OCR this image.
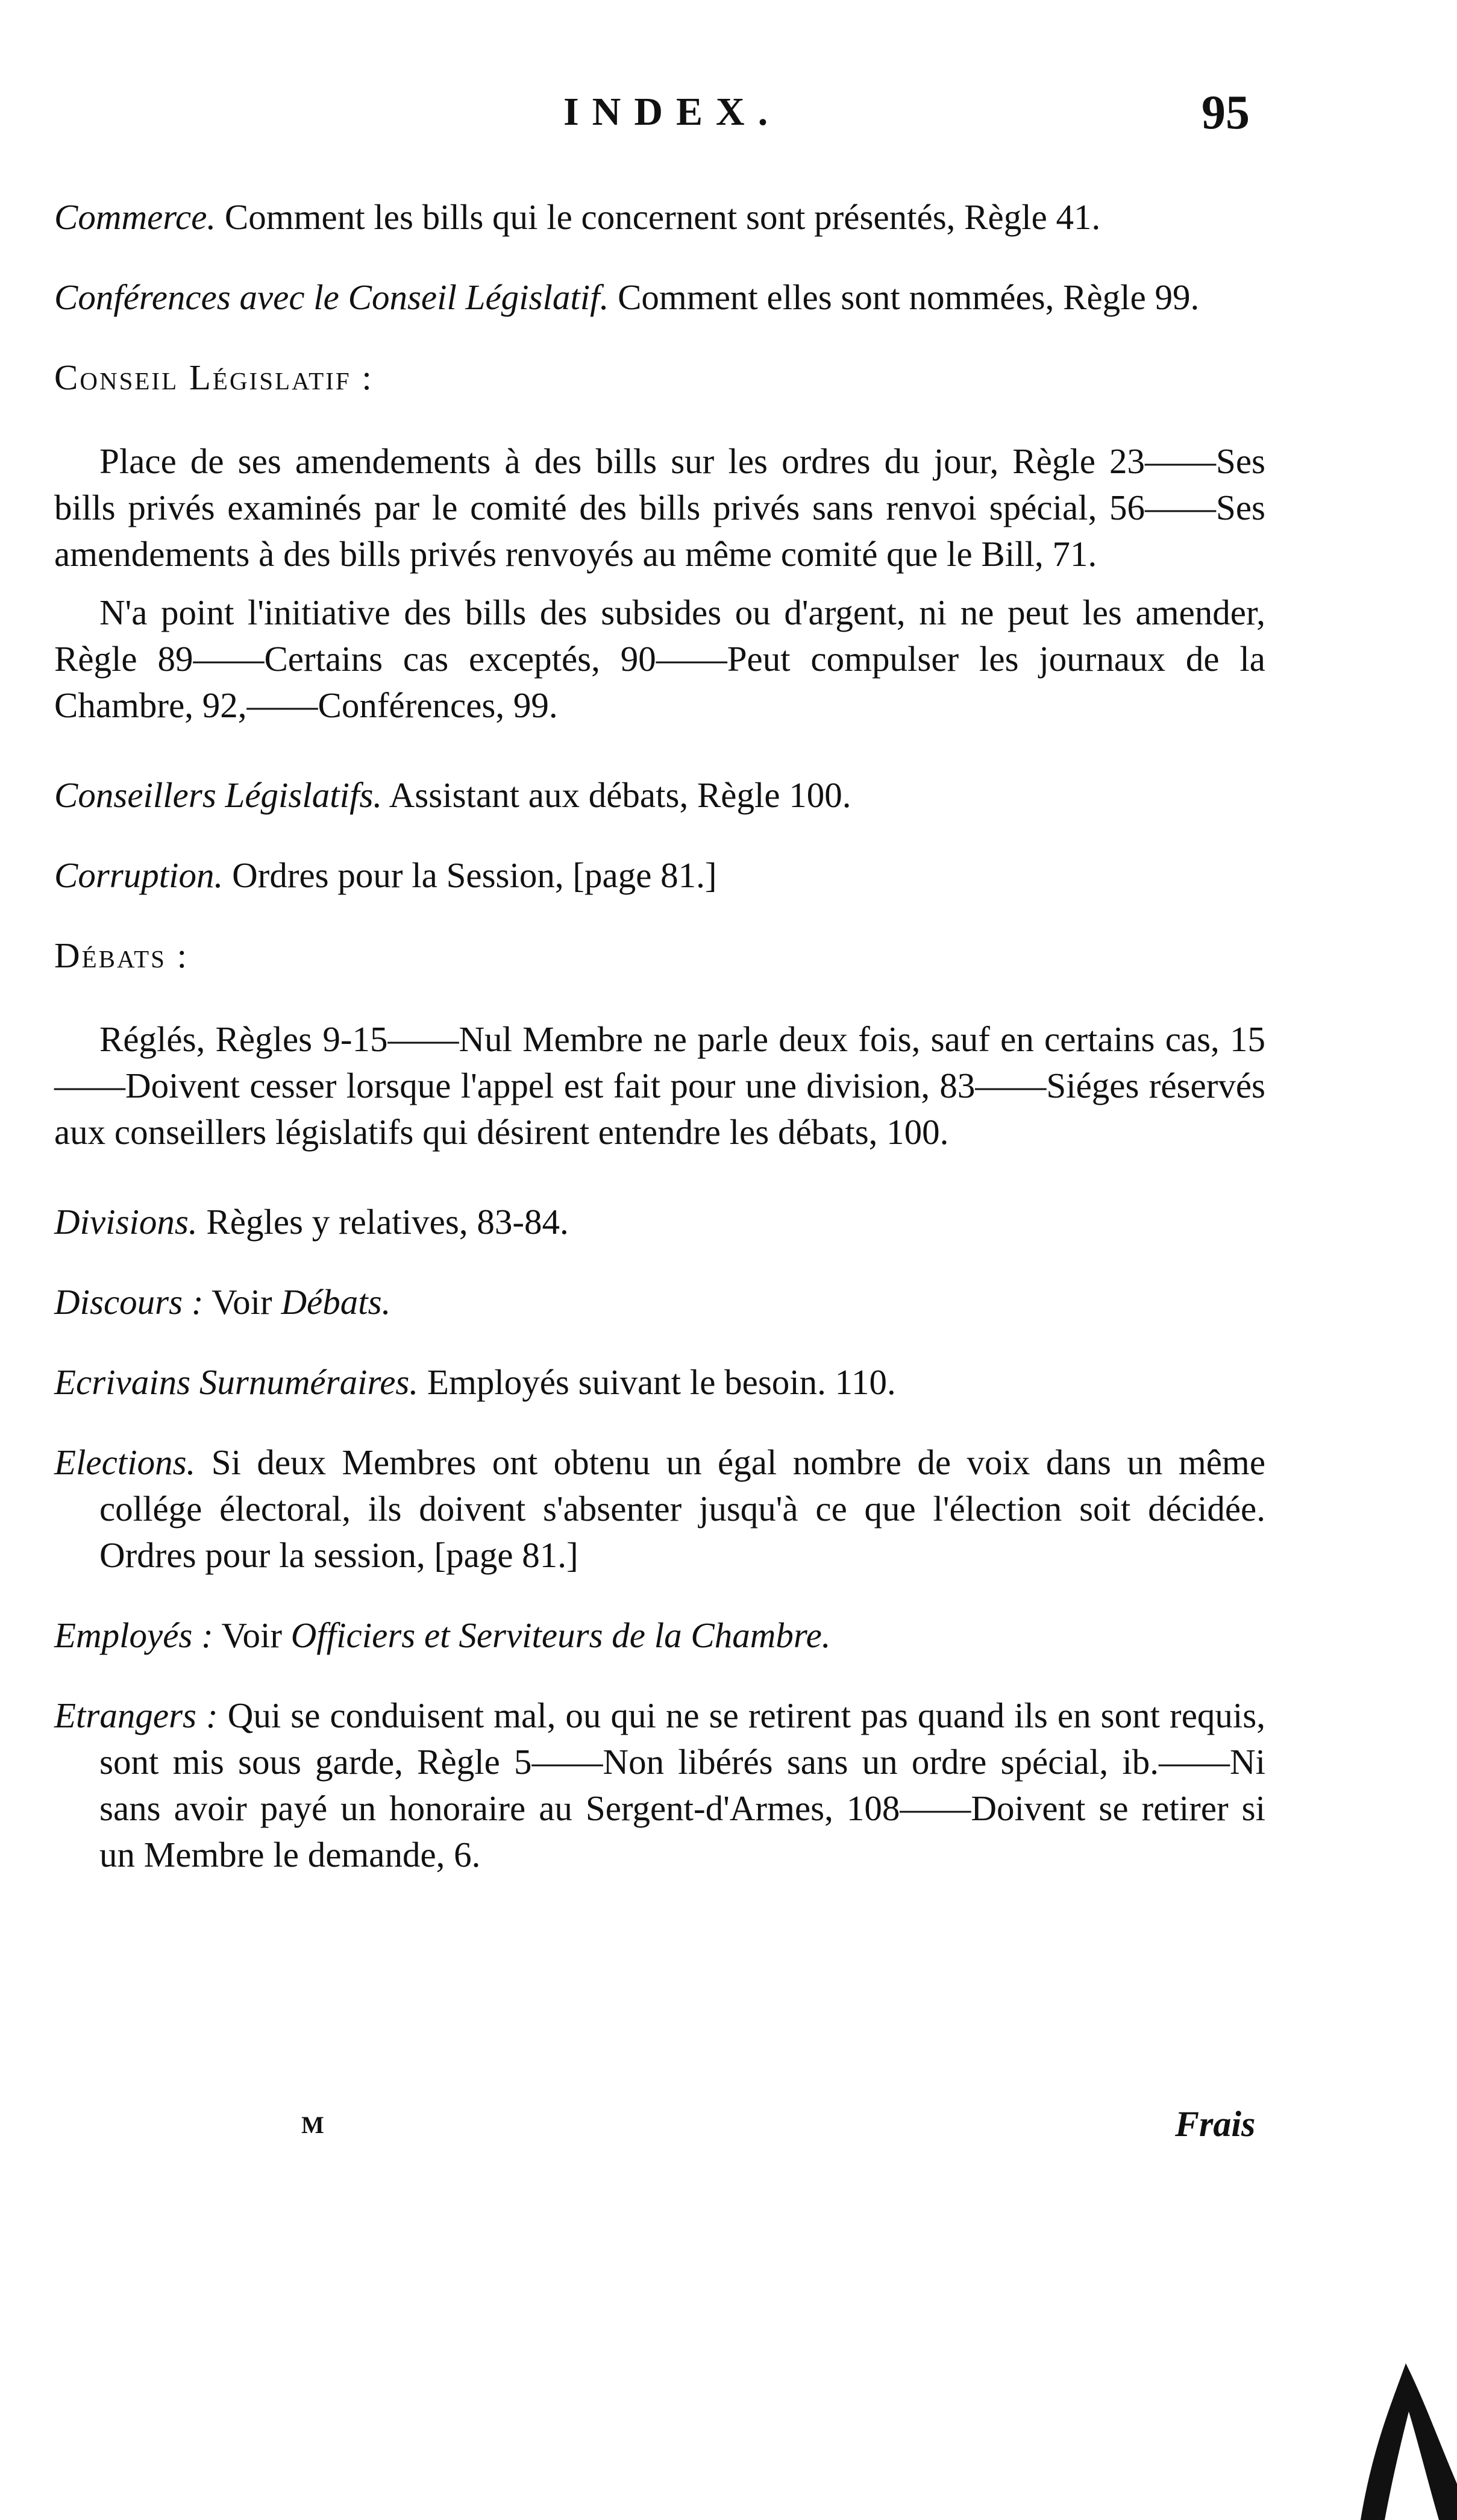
INDEX.	95

Commerce. Comment les bills qui le concernent sont présentés, Règle 41.

Conférences avec le Conseil Législatif. Comment elles sont nommées, Règle 99.

Conseil Législatif :

Place de ses amendements à des bills sur les ordres du jour, Règle 23——Ses bills privés examinés par le comité des bills privés sans renvoi spécial, 56——Ses amendements à des bills privés renvoyés au même comité que le Bill, 71.

N'a point l'initiative des bills des subsides ou d'argent, ni ne peut les amender, Règle 89——Certains cas exceptés, 90——Peut compulser les journaux de la Chambre, 92,——Conférences, 99.

Conseillers Législatifs. Assistant aux débats, Règle 100.

Corruption. Ordres pour la Session, [page 81.]

Débats :

Réglés, Règles 9-15——Nul Membre ne parle deux fois, sauf en certains cas, 15——Doivent cesser lorsque l'appel est fait pour une division, 83——Siéges réservés aux conseillers législatifs qui désirent entendre les débats, 100.

Divisions. Règles y relatives, 83-84.

Discours : Voir Débats.

Ecrivains Surnuméraires. Employés suivant le besoin. 110.

Elections. Si deux Membres ont obtenu un égal nombre de voix dans un même collége électoral, ils doivent s'absenter jusqu'à ce que l'élection soit décidée. Ordres pour la session, [page 81.]

Employés : Voir Officiers et Serviteurs de la Chambre.

Etrangers : Qui se conduisent mal, ou qui ne se retirent pas quand ils en sont requis, sont mis sous garde, Règle 5——Non libérés sans un ordre spécial, ib.——Ni sans avoir payé un honoraire au Sergent-d'Armes, 108——Doivent se retirer si un Membre le demande, 6.

M	Frais
